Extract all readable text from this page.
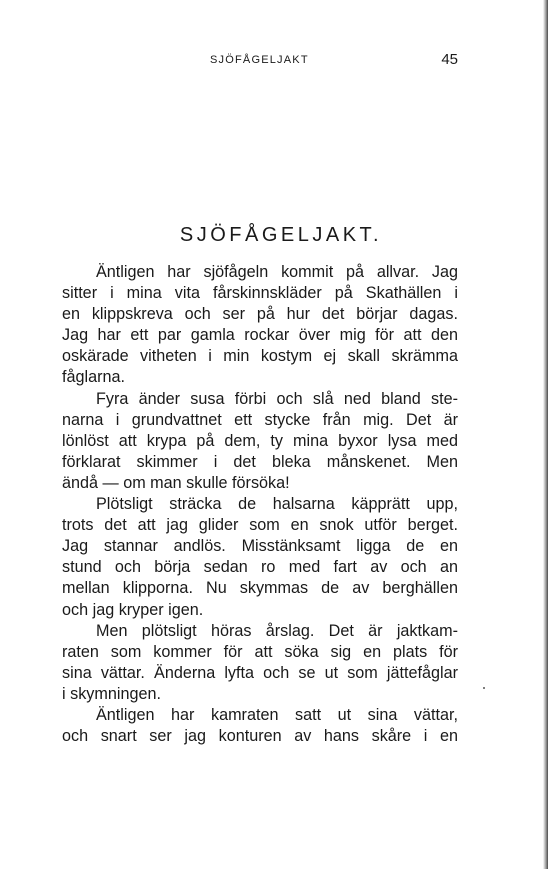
SJÖFÅGELJAKT	45
SJÖFÅGELJAKT.
Äntligen har sjöfågeln kommit på allvar. Jag
sitter i mina vita fårskinnskläder på Skathällen i
en klippskreva och ser på hur det börjar dagas.
Jag har ett par gamla rockar över mig för att den
oskärade vitheten i min kostym ej skall skrämma
fåglarna.
Fyra änder susa förbi och slå ned bland ste-
narna i grundvattnet ett stycke från mig. Det är
lönlöst att krypa på dem, ty mina byxor lysa med
förklarat skimmer i det bleka månskenet. Men
ändå — om man skulle försöka!
Plötsligt sträcka de halsarna käpprätt upp,
trots det att jag glider som en snok utför berget.
Jag stannar andlös. Misstänksamt ligga de en
stund och börja sedan ro med fart av och an
mellan klipporna. Nu skymmas de av berghällen
och jag kryper igen.
Men plötsligt höras årslag. Det är jaktkam-
raten som kommer för att söka sig en plats för
sina vättar. Änderna lyfta och se ut som jättefåglar
i skymningen.
Äntligen har kamraten satt ut sina vättar,
och snart ser jag konturen av hans skåre i en
